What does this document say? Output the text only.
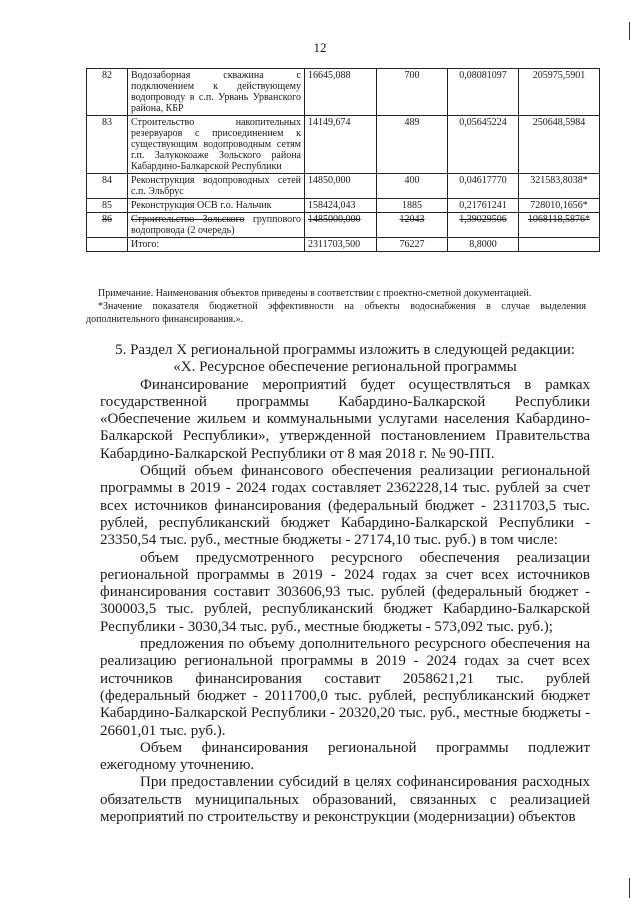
12
82	Водозаборная скважина с подключением к действующему водопроводу в с.п. Урвань Урванского района, КБР	16645,088	700	0,08081097	205975,5901
83	Строительство накопительных резервуаров с присоединением к существующим водопроводным сетям г.п. Залукокоаже Зольского района Кабардино-Балкарской Республики	14149,674	489	0,05645224	250648,5984
84	Реконструкция водопроводных сетей с.п. Эльбрус	14850,000	400	0,04617770	321583,8038*
85	Реконструкция ОСВ г.о. Нальчик	158424,043	1885	0,21761241	728010,1656*
86	Строительство Зольского группового водопровода (2 очередь)	1485000,000	12043	1,39029506	1068118,5876*
	Итого:	2311703,500	76227	8,8000	

Примечание. Наименования объектов приведены в соответствии с проектно-сметной документацией.

*Значение показателя бюджетной эффективности на объекты водоснабжения в случае выделения дополнительного финансирования.».

5. Раздел X региональной программы изложить в следующей редакции:

«X. Ресурсное обеспечение региональной программы

Финансирование мероприятий будет осуществляться в рамках государственной программы Кабардино-Балкарской Республики «Обеспечение жильем и коммунальными услугами населения Кабардино-Балкарской Республики», утвержденной постановлением Правительства Кабардино-Балкарской Республики от 8 мая 2018 г. № 90-ПП.

Общий объем финансового обеспечения реализации региональной программы в 2019 - 2024 годах составляет 2362228,14 тыс. рублей за счет всех источников финансирования (федеральный бюджет - 2311703,5 тыс. рублей, республиканский бюджет Кабардино-Балкарской Республики - 23350,54 тыс. руб., местные бюджеты - 27174,10 тыс. руб.) в том числе:

объем предусмотренного ресурсного обеспечения реализации региональной программы в 2019 - 2024 годах за счет всех источников финансирования составит 303606,93 тыс. рублей (федеральный бюджет - 300003,5 тыс. рублей, республиканский бюджет Кабардино-Балкарской Республики - 3030,34 тыс. руб., местные бюджеты - 573,092 тыс. руб.);

предложения по объему дополнительного ресурсного обеспечения на реализацию региональной программы в 2019 - 2024 годах за счет всех источников финансирования составит 2058621,21 тыс. рублей (федеральный бюджет - 2011700,0 тыс. рублей, республиканский бюджет Кабардино-Балкарской Республики - 20320,20 тыс. руб., местные бюджеты - 26601,01 тыс. руб.).

Объем финансирования региональной программы подлежит ежегодному уточнению.

При предоставлении субсидий в целях софинансирования расходных обязательств муниципальных образований, связанных с реализацией мероприятий по строительству и реконструкции (модернизации) объектов
